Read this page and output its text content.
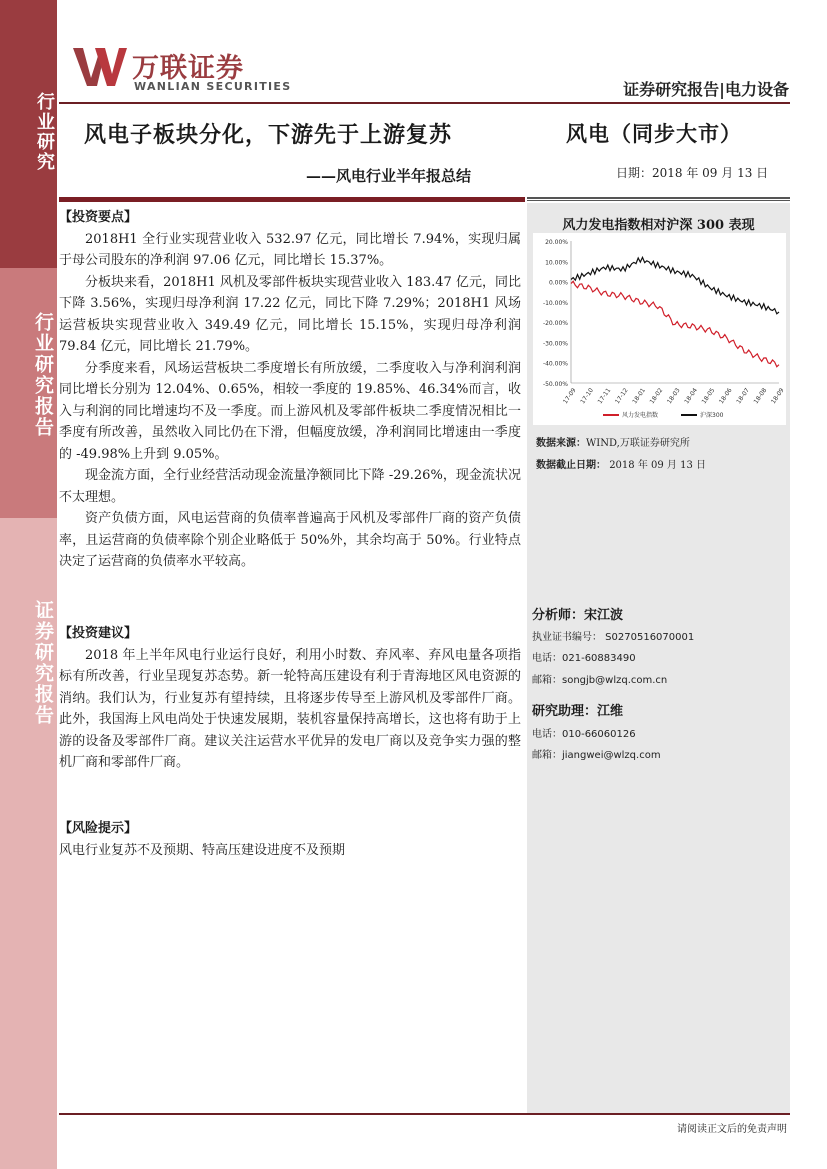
行业研究
行业研究报告
证券研究报告
万联证券
WANLIAN SECURITIES	证券研究报告|电力设备
风电子板块分化，下游先于上游复苏
——风电行业半年报总结
风电（同步大市）
日期：2018 年 09 月 13 日

【投资要点】

2018H1 全行业实现营业收入 532.97 亿元，同比增长 7.94%，实现归属于母公司股东的净利润 97.06 亿元，同比增长 15.37%。

分板块来看，2018H1 风机及零部件板块实现营业收入 183.47 亿元，同比下降 3.56%，实现归母净利润 17.22 亿元，同比下降 7.29%；2018H1 风场运营板块实现营业收入 349.49 亿元，同比增长 15.15%，实现归母净利润 79.84 亿元，同比增长 21.79%。

分季度来看，风场运营板块二季度增长有所放缓，二季度收入与净利润利润同比增长分别为 12.04%、0.65%，相较一季度的 19.85%、46.34%而言，收入与利润的同比增速均不及一季度。而上游风机及零部件板块二季度情况相比一季度有所改善，虽然收入同比仍在下滑，但幅度放缓，净利润同比增速由一季度的 -49.98%上升到 9.05%。

现金流方面，全行业经营活动现金流量净额同比下降 -29.26%，现金流状况不太理想。

资产负债方面，风电运营商的负债率普遍高于风机及零部件厂商的资产负债率，且运营商的负债率除个别企业略低于 50%外，其余均高于 50%。行业特点决定了运营商的负债率水平较高。

【投资建议】

2018 年上半年风电行业运行良好，利用小时数、弃风率、弃风电量各项指标有所改善，行业呈现复苏态势。新一轮特高压建设有利于青海地区风电资源的消纳。我们认为，行业复苏有望持续，且将逐步传导至上游风机及零部件厂商。此外，我国海上风电尚处于快速发展期，装机容量保持高增长，这也将有助于上游的设备及零部件厂商。建议关注运营水平优异的发电厂商以及竞争实力强的整机厂商和零部件厂商。

【风险提示】

风电行业复苏不及预期、特高压建设进度不及预期

风力发电指数相对沪深 300 表现
20.00%
10.00%
0.00%
-10.00%
-20.00%
-30.00%
-40.00%
-50.00%
17-09 17-10 17-11 17-12 18-01 18-02 18-03 18-04 18-05 18-06 18-07 18-08 18-09
风力发电指数	沪深300
数据来源：WIND,万联证券研究所
数据截止日期： 2018 年 09 月 13 日
分析师：宋江波
执业证书编号： S0270516070001
电话：021-60883490
邮箱：songjb@wlzq.com.cn
研究助理：江维
电话：010-66060126
邮箱：jiangwei@wlzq.com
请阅读正文后的免责声明
